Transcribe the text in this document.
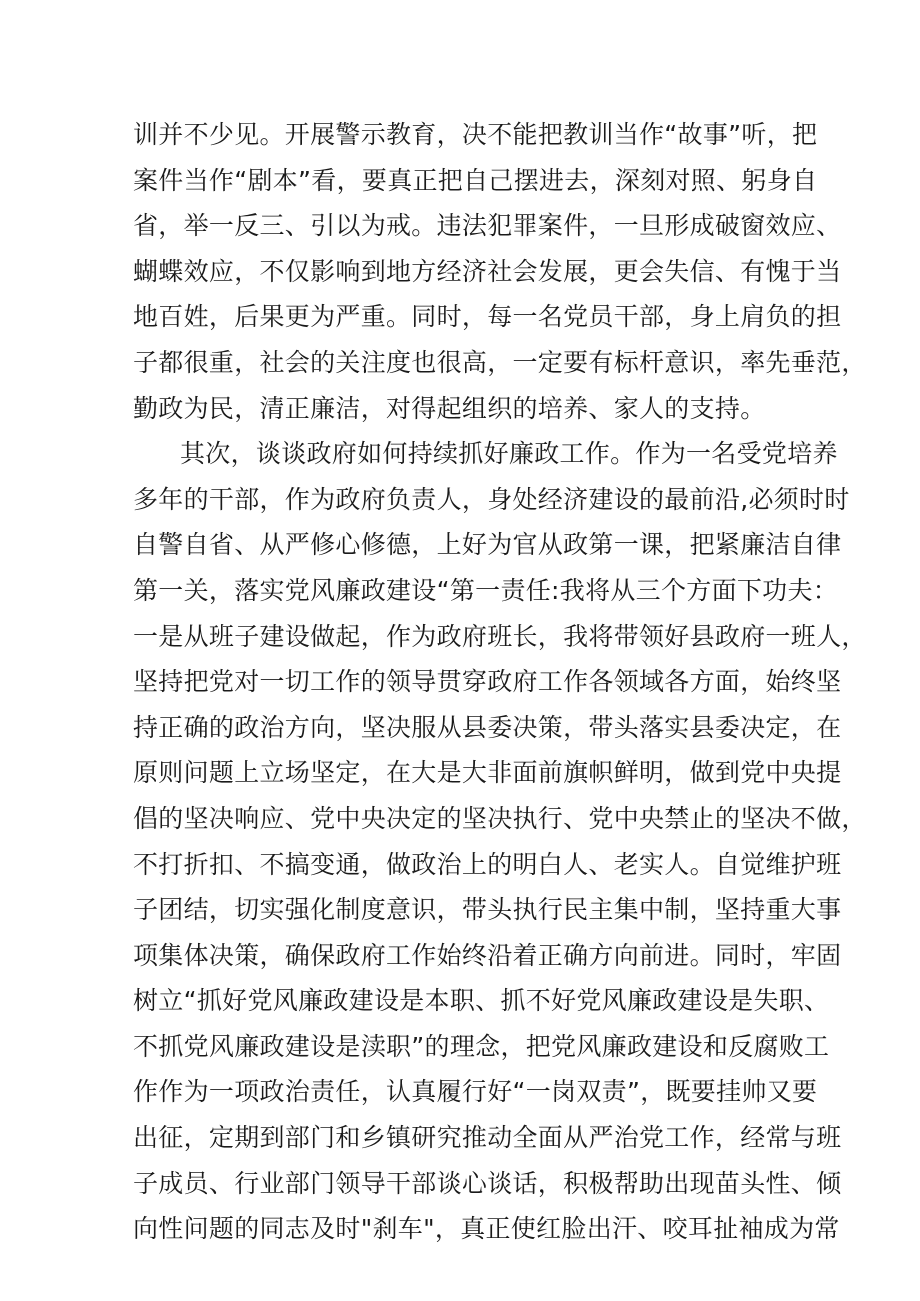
训并不少见。开展警示教育，决不能把教训当作“故事”听，把
案件当作“剧本”看，要真正把自己摆进去，深刻对照、躬身自
省，举一反三、引以为戒。违法犯罪案件，一旦形成破窗效应、
蝴蝶效应，不仅影响到地方经济社会发展，更会失信、有愧于当
地百姓，后果更为严重。同时，每一名党员干部，身上肩负的担
子都很重，社会的关注度也很高，一定要有标杆意识，率先垂范，
勤政为民，清正廉洁，对得起组织的培养、家人的支持。
其次，谈谈政府如何持续抓好廉政工作。作为一名受党培养
多年的干部，作为政府负责人，身处经济建设的最前沿,必须时时
自警自省、从严修心修德，上好为官从政第一课，把紧廉洁自律
第一关，落实党风廉政建设“第一责任:我将从三个方面下功夫：
一是从班子建设做起，作为政府班长，我将带领好县政府一班人，
坚持把党对一切工作的领导贯穿政府工作各领域各方面，始终坚
持正确的政治方向，坚决服从县委决策，带头落实县委决定，在
原则问题上立场坚定，在大是大非面前旗帜鲜明，做到党中央提
倡的坚决响应、党中央决定的坚决执行、党中央禁止的坚决不做，
不打折扣、不搞变通，做政治上的明白人、老实人。自觉维护班
子团结，切实强化制度意识，带头执行民主集中制，坚持重大事
项集体决策，确保政府工作始终沿着正确方向前进。同时，牢固
树立“抓好党风廉政建设是本职、抓不好党风廉政建设是失职、
不抓党风廉政建设是渎职”的理念，把党风廉政建设和反腐败工
作作为一项政治责任，认真履行好“一岗双责”，既要挂帅又要
出征，定期到部门和乡镇研究推动全面从严治党工作，经常与班
子成员、行业部门领导干部谈心谈话，积极帮助出现苗头性、倾
向性问题的同志及时"刹车"，真正使红脸出汗、咬耳扯袖成为常
